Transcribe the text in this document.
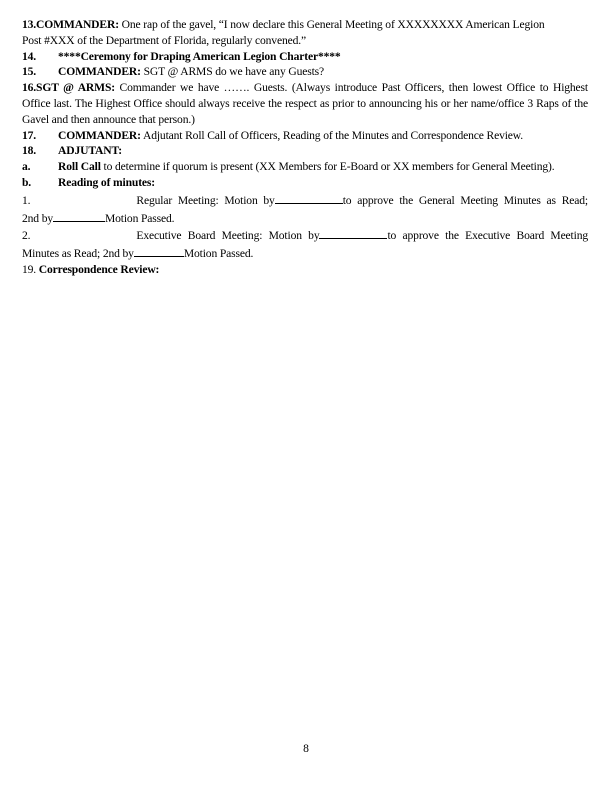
13.COMMANDER: One rap of the gavel, “I now declare this General Meeting of XXXXXXXX American Legion
Post #XXX of the Department of Florida, regularly convened.”

14.	****Ceremony for Draping American Legion Charter****
15.	COMMANDER: SGT @ ARMS do we have any Guests?

16.SGT @ ARMS: Commander we have ……. Guests. (Always introduce Past Officers, then lowest Office to Highest Office last. The Highest Office should always receive the respect as prior to announcing his or her name/office 3 Raps of the Gavel and then announce that person.)

17.	COMMANDER: Adjutant Roll Call of Officers, Reading of the Minutes and Correspondence Review.
18.	ADJUTANT:
a.	Roll Call to determine if quorum is present (XX Members for E-Board or XX members for General Meeting).
b.	Reading of minutes:
1.	Regular Meeting: Motion by	to approve the General Meeting Minutes as Read;
2nd by	Motion Passed.
2.	Executive Board Meeting: Motion by	to approve the Executive Board Meeting
Minutes as Read; 2nd by	Motion Passed.
19. Correspondence Review:
8
